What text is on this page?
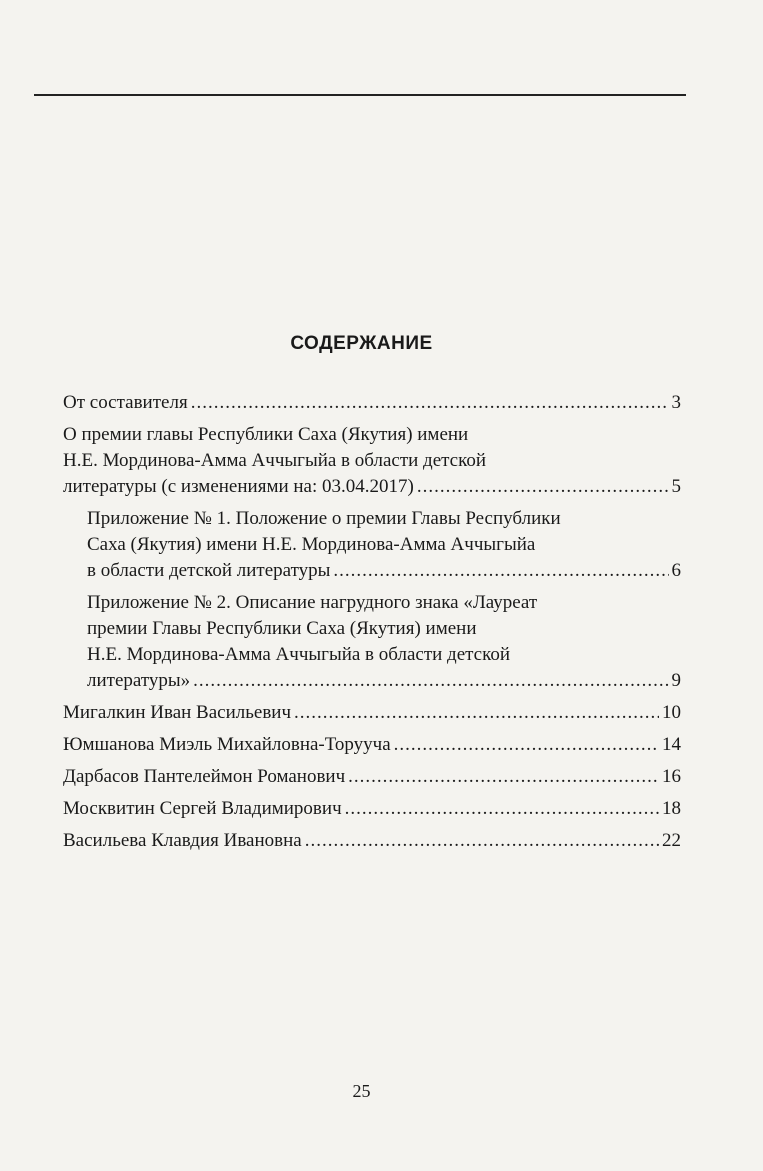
СОДЕРЖАНИЕ
От составителя .....	3
О премии главы Республики Саха (Якутия) имени
Н.Е. Мординова-Амма Аччыгыйа в области детской
литературы (с изменениями на: 03.04.2017) .....	5
Приложение № 1. Положение о премии Главы Республики
Саха (Якутия) имени Н.Е. Мординова-Амма Аччыгыйа
в области детской литературы .....	6
Приложение № 2. Описание нагрудного знака «Лауреат
премии Главы Республики Саха (Якутия) имени
Н.Е. Мординова-Амма Аччыгыйа в области детской
литературы» .....	9
Мигалкин Иван Васильевич .....	10
Юмшанова Миэль Михайловна-Торууча .....	14
Дарбасов Пантелеймон Романович .....	16
Москвитин Сергей Владимирович .....	18
Васильева Клавдия Ивановна .....	22
25
